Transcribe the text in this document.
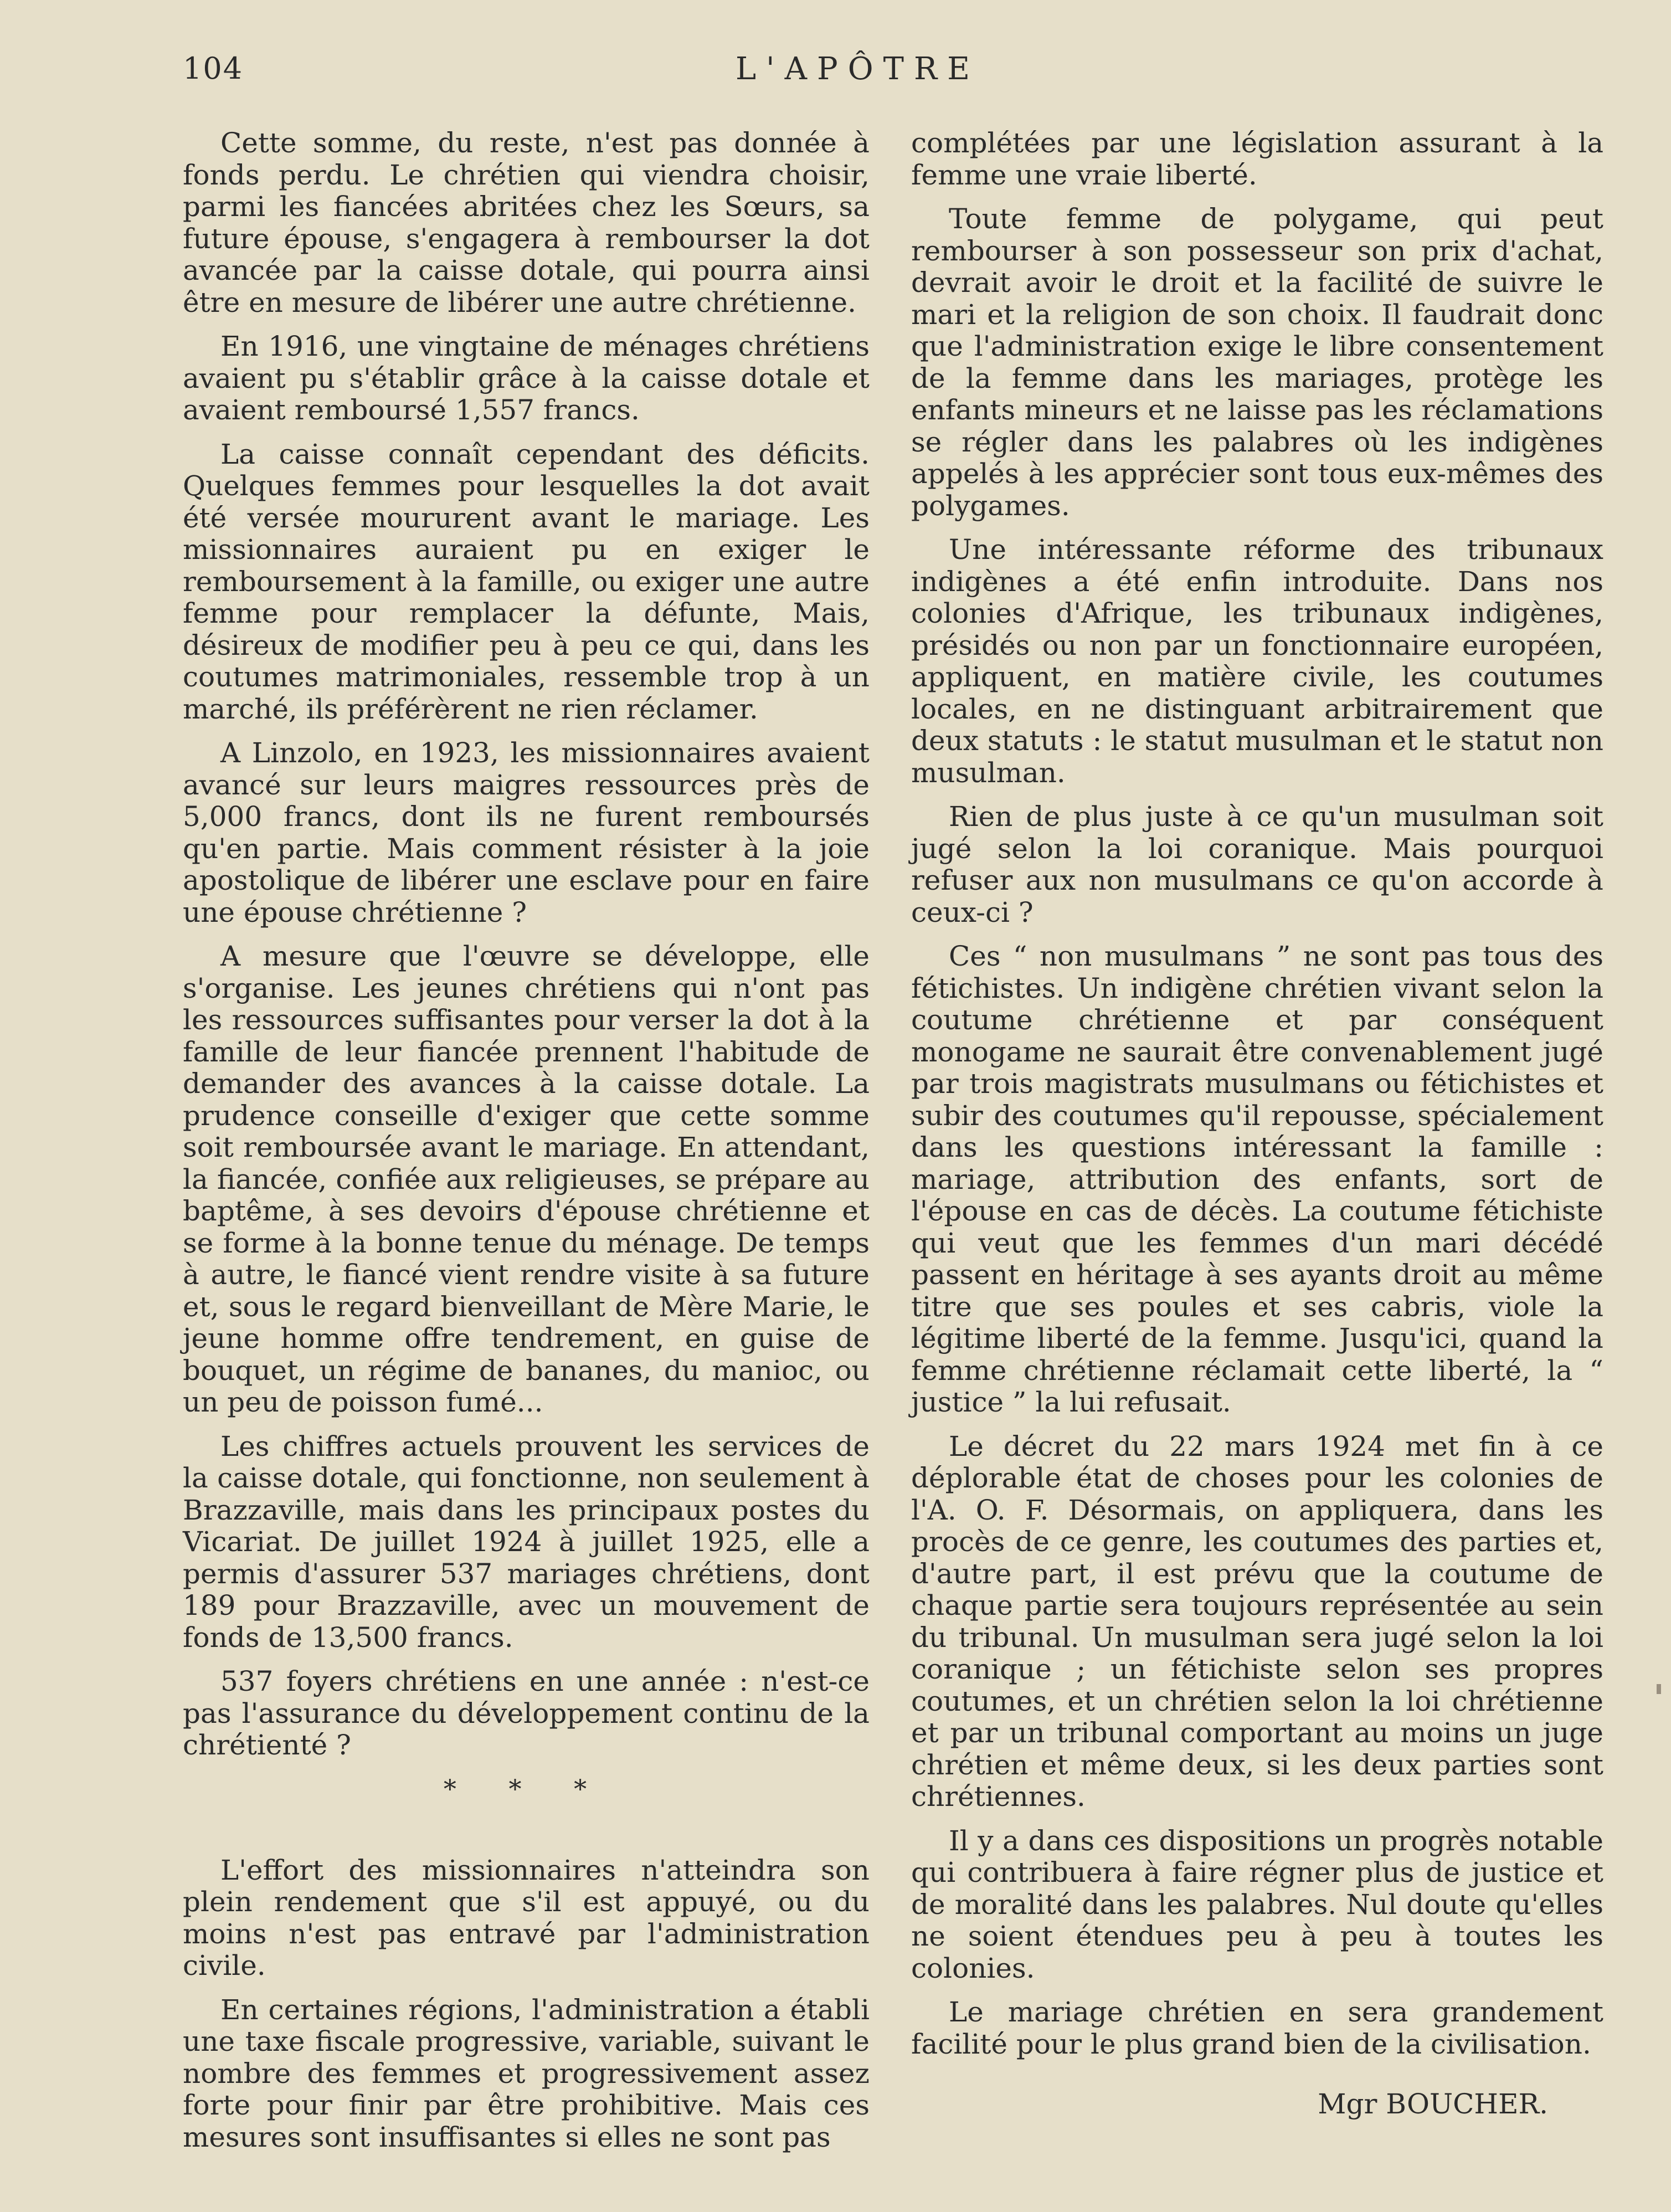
104	L'APÔTRE

Cette somme, du reste, n'est pas donnée à fonds perdu. Le chrétien qui viendra choisir, parmi les fiancées abritées chez les Sœurs, sa future épouse, s'engagera à rembourser la dot avancée par la caisse dotale, qui pourra ainsi être en mesure de libérer une autre chrétienne.

En 1916, une vingtaine de ménages chrétiens avaient pu s'établir grâce à la caisse dotale et avaient remboursé 1,557 francs.

La caisse connaît cependant des déficits. Quelques femmes pour lesquelles la dot avait été versée moururent avant le mariage. Les missionnaires auraient pu en exiger le remboursement à la famille, ou exiger une autre femme pour remplacer la défunte, Mais, désireux de modifier peu à peu ce qui, dans les coutumes matrimoniales, ressemble trop à un marché, ils préférèrent ne rien réclamer.

A Linzolo, en 1923, les missionnaires avaient avancé sur leurs maigres ressources près de 5,000 francs, dont ils ne furent remboursés qu'en partie. Mais comment résister à la joie apostolique de libérer une esclave pour en faire une épouse chrétienne ?

A mesure que l'œuvre se développe, elle s'organise. Les jeunes chrétiens qui n'ont pas les ressources suffisantes pour verser la dot à la famille de leur fiancée prennent l'habitude de demander des avances à la caisse dotale. La prudence conseille d'exiger que cette somme soit remboursée avant le mariage. En attendant, la fiancée, confiée aux religieuses, se prépare au baptême, à ses devoirs d'épouse chrétienne et se forme à la bonne tenue du ménage. De temps à autre, le fiancé vient rendre visite à sa future et, sous le regard bienveillant de Mère Marie, le jeune homme offre tendrement, en guise de bouquet, un régime de bananes, du manioc, ou un peu de poisson fumé...

Les chiffres actuels prouvent les services de la caisse dotale, qui fonctionne, non seulement à Brazzaville, mais dans les principaux postes du Vicariat. De juillet 1924 à juillet 1925, elle a permis d'assurer 537 mariages chrétiens, dont 189 pour Brazzaville, avec un mouvement de fonds de 13,500 francs.

537 foyers chrétiens en une année : n'est-ce pas l'assurance du développement continu de la chrétienté ?

* * *

L'effort des missionnaires n'atteindra son plein rendement que s'il est appuyé, ou du moins n'est pas entravé par l'administration civile.

En certaines régions, l'administration a établi une taxe fiscale progressive, variable, suivant le nombre des femmes et progressivement assez forte pour finir par être prohibitive. Mais ces mesures sont insuffisantes si elles ne sont pas

complétées par une législation assurant à la femme une vraie liberté.

Toute femme de polygame, qui peut rembourser à son possesseur son prix d'achat, devrait avoir le droit et la facilité de suivre le mari et la religion de son choix. Il faudrait donc que l'administration exige le libre consentement de la femme dans les mariages, protège les enfants mineurs et ne laisse pas les réclamations se régler dans les palabres où les indigènes appelés à les apprécier sont tous eux-mêmes des polygames.

Une intéressante réforme des tribunaux indigènes a été enfin introduite. Dans nos colonies d'Afrique, les tribunaux indigènes, présidés ou non par un fonctionnaire européen, appliquent, en matière civile, les coutumes locales, en ne distinguant arbitrairement que deux statuts : le statut musulman et le statut non musulman.

Rien de plus juste à ce qu'un musulman soit jugé selon la loi coranique. Mais pourquoi refuser aux non musulmans ce qu'on accorde à ceux-ci ?

Ces “ non musulmans ” ne sont pas tous des fétichistes. Un indigène chrétien vivant selon la coutume chrétienne et par conséquent monogame ne saurait être convenablement jugé par trois magistrats musulmans ou fétichistes et subir des coutumes qu'il repousse, spécialement dans les questions intéressant la famille : mariage, attribution des enfants, sort de l'épouse en cas de décès. La coutume fétichiste qui veut que les femmes d'un mari décédé passent en héritage à ses ayants droit au même titre que ses poules et ses cabris, viole la légitime liberté de la femme. Jusqu'ici, quand la femme chrétienne réclamait cette liberté, la “ justice ” la lui refusait.

Le décret du 22 mars 1924 met fin à ce déplorable état de choses pour les colonies de l'A. O. F. Désormais, on appliquera, dans les procès de ce genre, les coutumes des parties et, d'autre part, il est prévu que la coutume de chaque partie sera toujours représentée au sein du tribunal. Un musulman sera jugé selon la loi coranique ; un fétichiste selon ses propres coutumes, et un chrétien selon la loi chrétienne et par un tribunal comportant au moins un juge chrétien et même deux, si les deux parties sont chrétiennes.

Il y a dans ces dispositions un progrès notable qui contribuera à faire régner plus de justice et de moralité dans les palabres. Nul doute qu'elles ne soient étendues peu à peu à toutes les colonies.

Le mariage chrétien en sera grandement facilité pour le plus grand bien de la civilisation.

Mgr BOUCHER.
